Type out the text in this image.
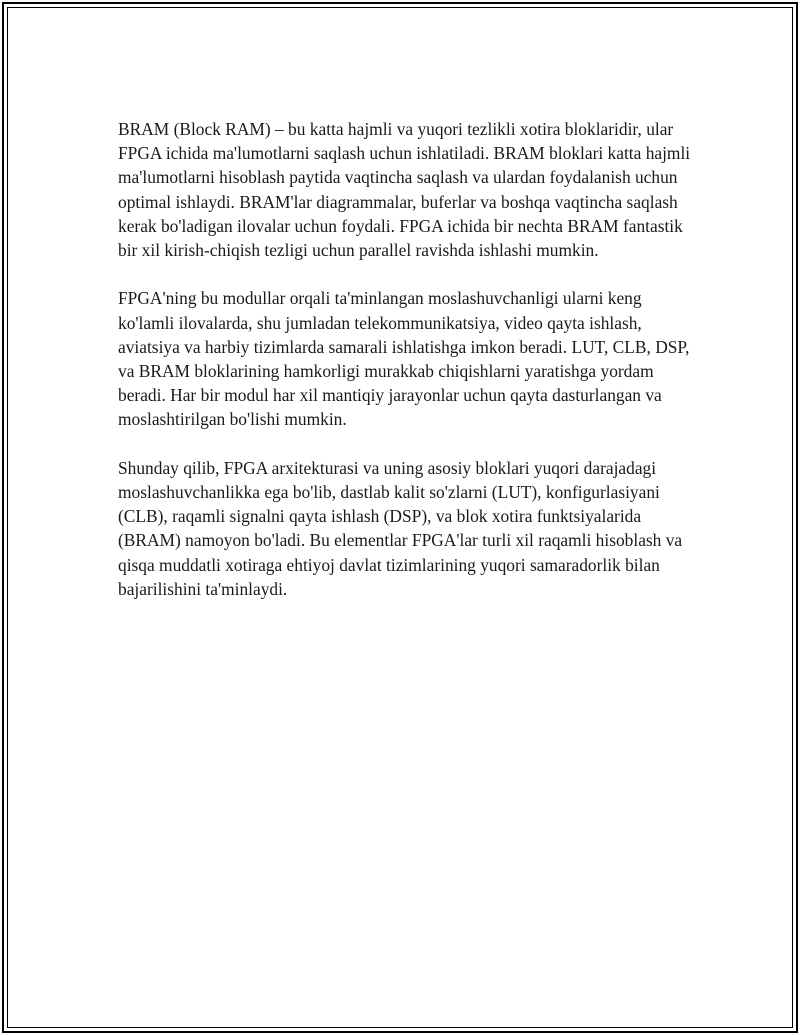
BRAM (Block RAM) – bu katta hajmli va yuqori tezlikli xotira bloklaridir, ular FPGA ichida ma'lumotlarni saqlash uchun ishlatiladi. BRAM bloklari katta hajmli ma'lumotlarni hisoblash paytida vaqtincha saqlash va ulardan foydalanish uchun optimal ishlaydi. BRAM'lar diagrammalar, buferlar va boshqa vaqtincha saqlash kerak bo'ladigan ilovalar uchun foydali. FPGA ichida bir nechta BRAM fantastik bir xil kirish-chiqish tezligi uchun parallel ravishda ishlashi mumkin.

FPGA'ning bu modullar orqali ta'minlangan moslashuvchanligi ularni keng ko'lamli ilovalarda, shu jumladan telekommunikatsiya, video qayta ishlash, aviatsiya va harbiy tizimlarda samarali ishlatishga imkon beradi. LUT, CLB, DSP, va BRAM bloklarining hamkorligi murakkab chiqishlarni yaratishga yordam beradi. Har bir modul har xil mantiqiy jarayonlar uchun qayta dasturlangan va moslashtirilgan bo'lishi mumkin.

Shunday qilib, FPGA arxitekturasi va uning asosiy bloklari yuqori darajadagi moslashuvchanlikka ega bo'lib, dastlab kalit so'zlarni (LUT), konfigurlasiyani (CLB), raqamli signalni qayta ishlash (DSP), va blok xotira funktsiyalarida (BRAM) namoyon bo'ladi. Bu elementlar FPGA'lar turli xil raqamli hisoblash va qisqa muddatli xotiraga ehtiyoj davlat tizimlarining yuqori samaradorlik bilan bajarilishini ta'minlaydi.
